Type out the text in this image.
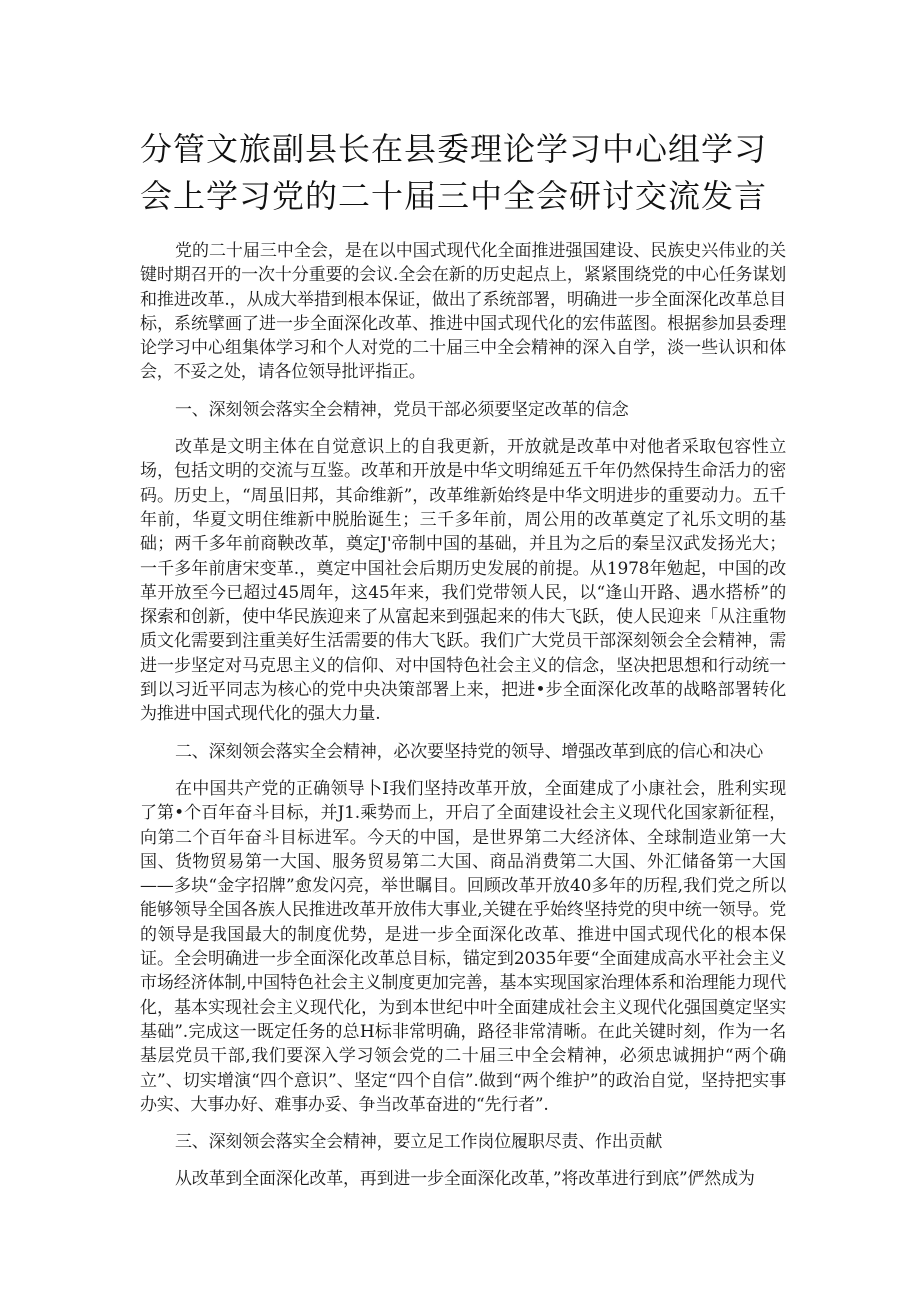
分管文旅副县长在县委理论学习中心组学习会上学习党的二十届三中全会研讨交流发言

党的二十届三中全会，是在以中国式现代化全面推进强国建设、民族史兴伟业的关键时期召开的一次十分重要的会议.全会在新的历史起点上，紧紧围绕党的中心任务谋划和推进改革.，从成大举措到根本保证，做出了系统部署，明确进一步全面深化改革总目标，系统擘画了进一步全面深化改革、推进中国式现代化的宏伟蓝图。根据参加县委理论学习中心组集体学习和个人对党的二十届三中全会精神的深入自学，淡一些认识和体会，不妥之处，请各位领导批评指正。

一、深刻领会落实全会精神，党员干部必须要坚定改革的信念

改革是文明主体在自觉意识上的自我更新，开放就是改革中对他者采取包容性立场，包括文明的交流与互鉴。改革和开放是中华文明绵延五千年仍然保持生命活力的密码。历史上，“周虽旧邦，其命维新”，改革维新始终是中华文明进步的重要动力。五千年前，华夏文明住维新中脱胎诞生；三千多年前，周公用的改革奠定了礼乐文明的基础；两千多年前商鞅改革，奠定J'帝制中国的基础，并且为之后的秦呈汉武发扬光大；一千多年前唐宋变革.，奠定中国社会后期历史发展的前提。从1978年勉起，中国的改革开放至今已超过45周年，这45年来，我们党带领人民，以“逢山开路、遇水搭桥”的探索和创新，使中华民族迎来了从富起来到强起来的伟大飞跃，使人民迎来「从注重物质文化需要到注重美好生活需要的伟大飞跃。我们广大党员干部深刻领会全会精神，需进一步坚定对马克思主义的信仰、对中国特色社会主义的信念，坚决把思想和行动统一到以习近平同志为核心的党中央决策部署上来，把进•步全面深化改革的战略部署转化为推进中国式现代化的强大力量.

二、深刻领会落实全会精神，必次要坚持党的领导、增强改革到底的信心和决心

在中国共产党的正确领导卜I我们坚持改革开放，全面建成了小康社会，胜利实现了第•个百年奋斗目标，并J1.乘势而上，开启了全面建设社会主义现代化国家新征程，向第二个百年奋斗目标进军。今天的中国，是世界第二大经济体、全球制造业第一大国、货物贸易第一大国、服务贸易第二大国、商品消费第二大国、外汇储备第一大国——多块“金字招牌”愈发闪亮，举世瞩目。回顾改革开放40多年的历程,我们党之所以能够领导全国各族人民推进改革开放伟大事业,关键在乎始终坚持党的臾中统一领导。党的领导是我国最大的制度优势，是进一步全面深化改革、推进中国式现代化的根本保证。全会明确进一步全面深化改革总目标，锚定到2035年要“全面建成高水平社会主义市场经济体制,中国特色社会主义制度更加完善，基本实现国家治理体系和治理能力现代化，基本实现社会主义现代化，为到本世纪中叶全面建成社会主义现代化强国奠定坚实基础”.完成这一既定任务的总H标非常明确，路径非常清晰。在此关键时刻，作为一名基层党员干部,我们要深入学习领会党的二十届三中全会精神，必须忠诚拥护“两个确立”、切实增演“四个意识”、坚定“四个自信”.做到“两个维护”的政治自觉，坚持把实事办实、大事办好、难事办妥、争当改革奋进的“先行者”.

三、深刻领会落实全会精神，要立足工作岗位履职尽责、作出贡献

从改革到全面深化改革，再到进一步全面深化改革，”将改革进行到底”俨然成为
